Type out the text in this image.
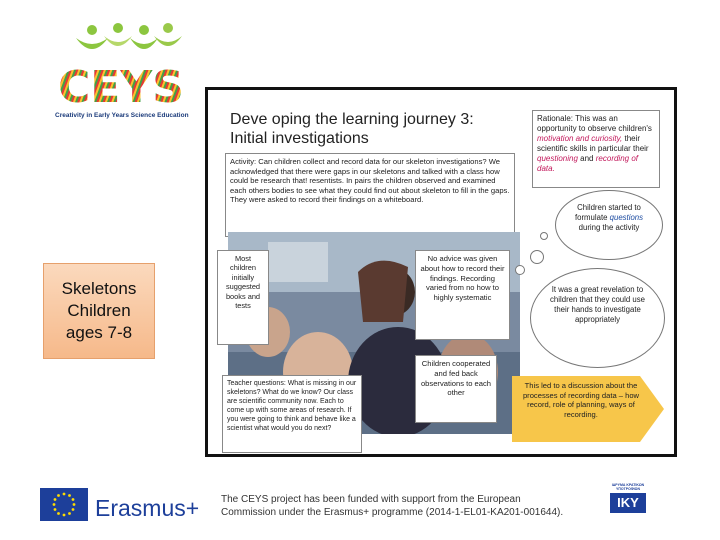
CEYS
Creativity in Early Years Science Education
Skeletons
Children
ages 7-8
Deve oping the learning journey 3:
Initial investigations
Rationale: This was an opportunity to observe children's motivation and curiosity, their scientific skills in particular their questioning and recording of data.
Activity: Can children collect and record data for our skeleton investigations? We acknowledged that there were gaps in our skeletons and talked with a class how could be research that! resentists. In pairs the children observed and examined each others bodies to see what they could find out about skeleton to fill in the gaps. They were asked to record their findings on a whiteboard.
Most children initially suggested books and tests
No advice was given about how to record their findings. Recording varied from no how to highly systematic
Children cooperated and fed back observations to each other
Teacher questions: What is missing in our skeletons? What do we know? Our class are scientific community now. Each to come up with some areas of research. If you were going to think and behave like a scientist what would you do next?
Children started to formulate questions during the activity
It was a great revelation to children that they could use their hands to investigate appropriately
This led to a discussion about the processes of recording data – how record, role of planning, ways of recording.
Erasmus+ The CEYS project has been funded with support from the European
Commission under the Erasmus+ programme (2014-1-EL01-KA201-001644).
ΙΔΡΥΜΑ ΚΡΑΤΙΚΩΝ ΥΠΟΤΡΟΦΙΩΝ
IKY
